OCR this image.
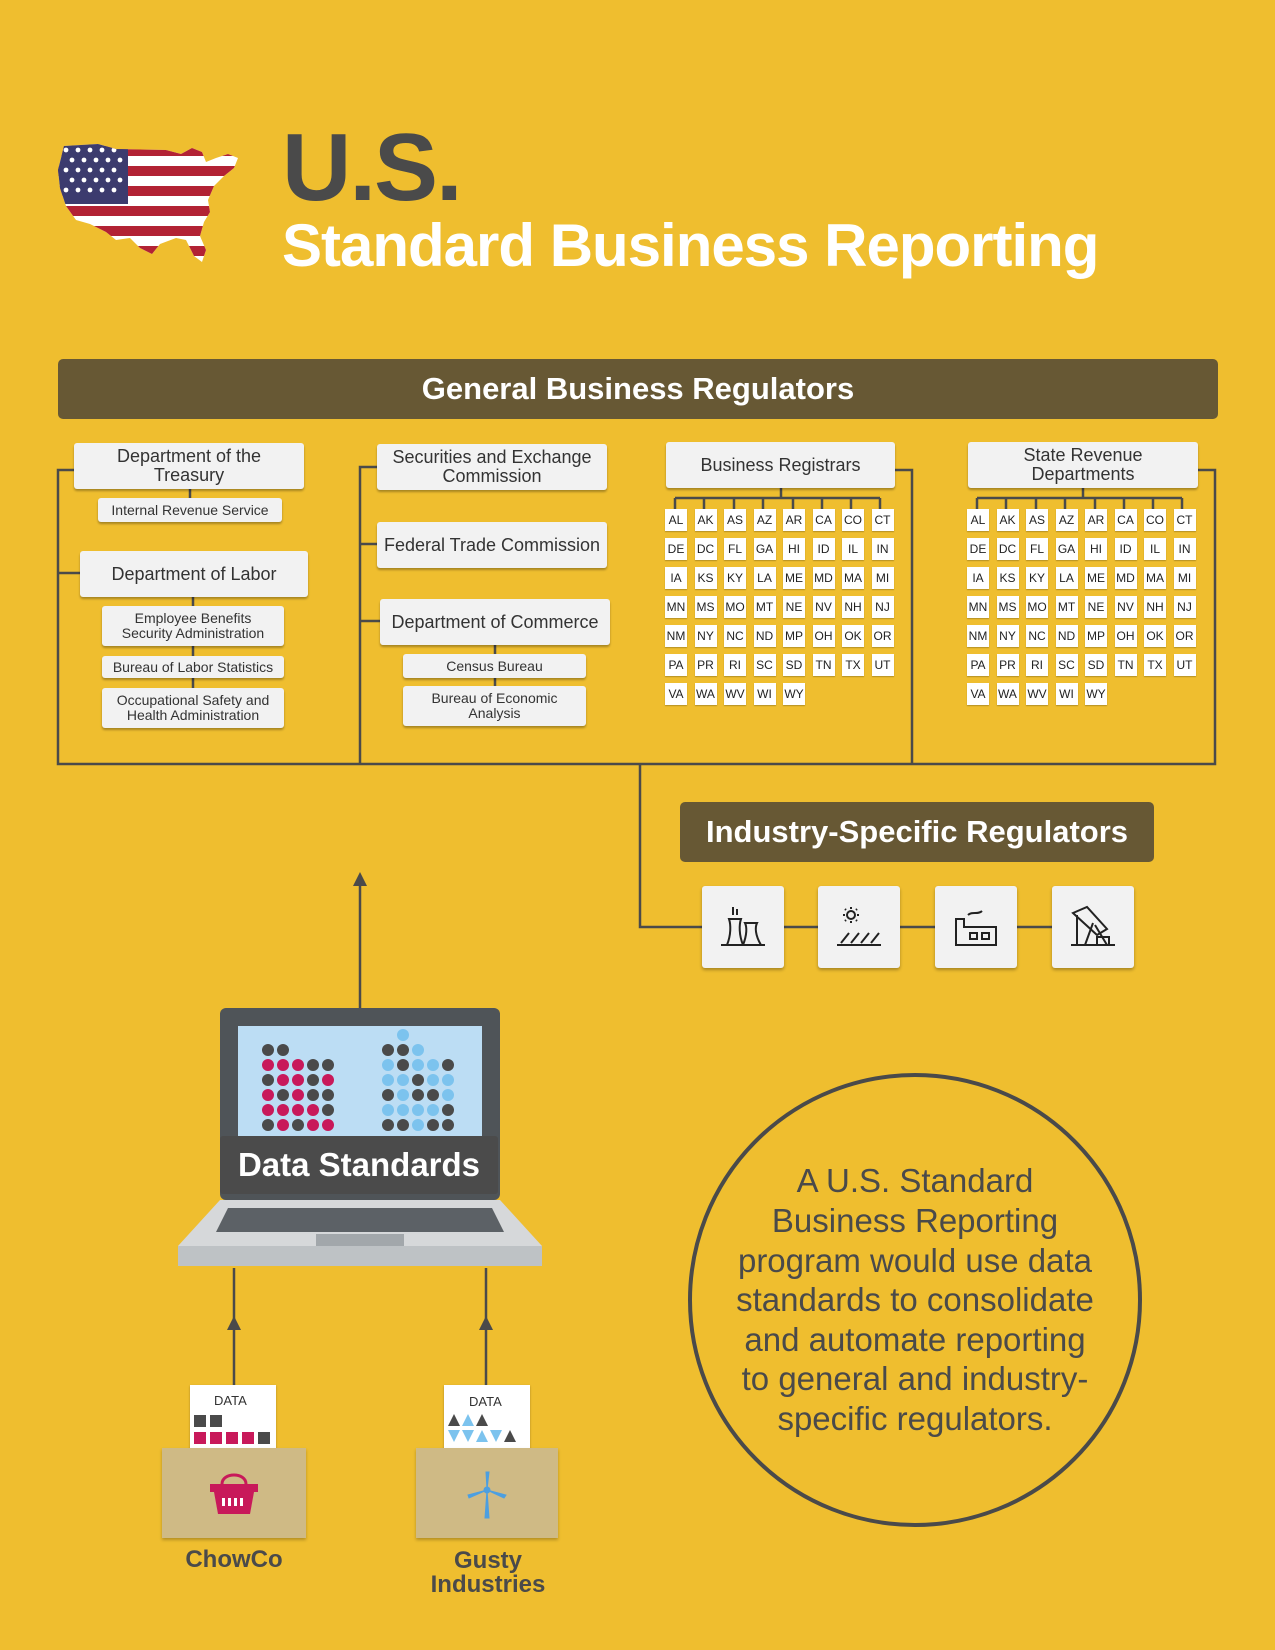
U.S.
Standard Business Reporting
General Business Regulators
Department of the
Treasury
Internal Revenue Service
Department of Labor
Employee Benefits
Security Administration
Bureau of Labor Statistics
Occupational Safety and
Health Administration
Securities and Exchange
Commission
Federal Trade Commission
Department of Commerce
Census Bureau
Bureau of Economic
Analysis
Business Registrars
AL	AK AS AZ AR CA CO CT
DE DC	FL	GA	HI	ID	IL	IN
IA	KS KY	LA	ME MD MA	MI
MN MS MO MT NE NV NH	NJ
NM NY NC ND MP OH OK OR
PA PR	RI	SC SD TN TX UT
VA WA WV	WI	WY
State Revenue
Departments
AL	AK AS AZ AR CA CO CT
DE DC	FL	GA	HI	ID	IL	IN
IA	KS KY	LA	ME MD MA	MI
MN MS MO MT NE NV NH	NJ
NM NY NC ND MP OH OK OR
PA PR	RI	SC SD TN TX UT
VA WA WV	WI	WY
Industry-Specific Regulators
Data Standards
DATA
ChowCo
DATA
Gusty
Industries
A U.S. Standard Business Reporting program would use data standards to consolidate and automate reporting to general and industry-specific regulators.
